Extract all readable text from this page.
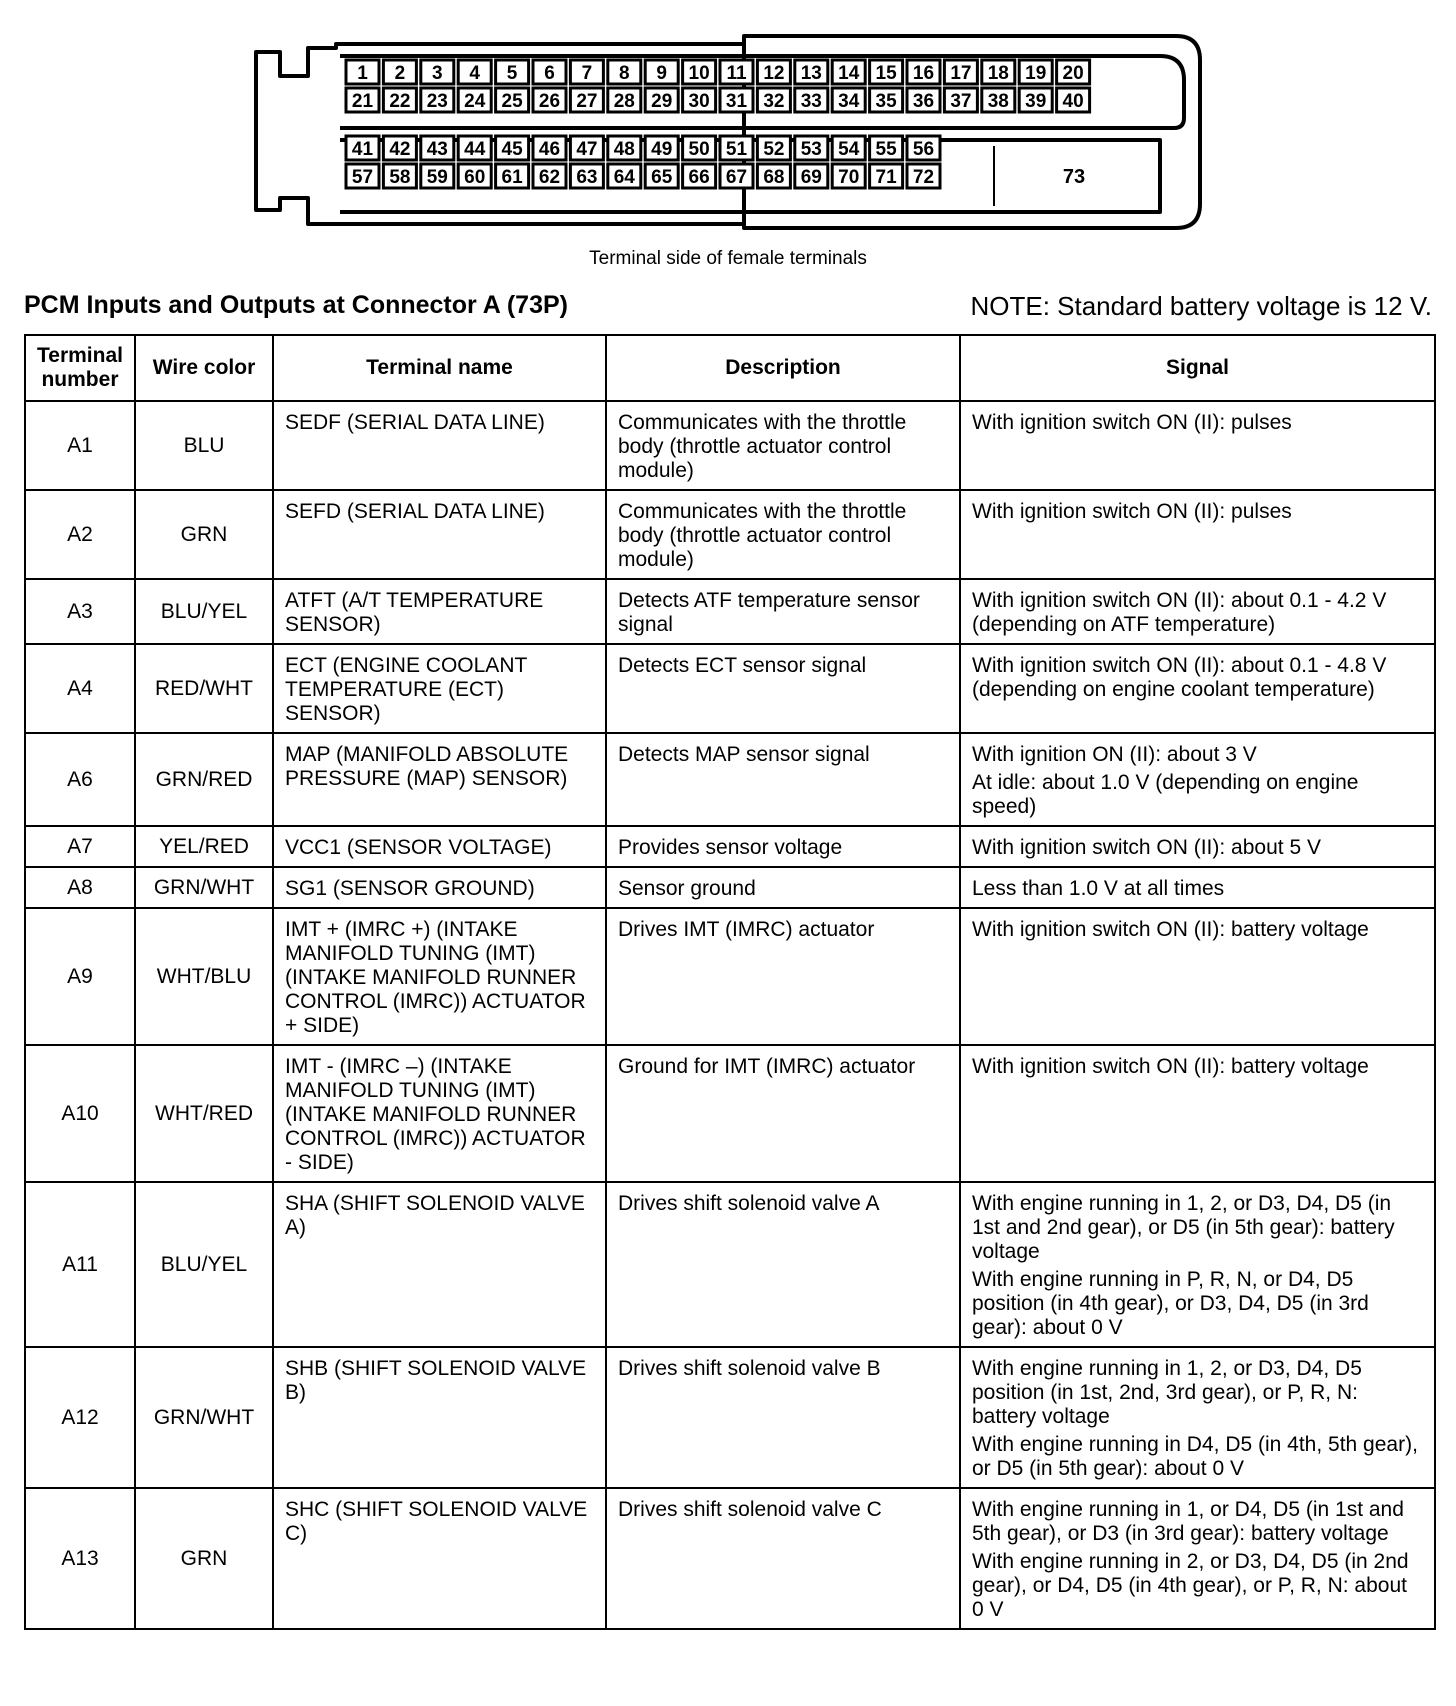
1 2 3 4 5 6 7 8 9 10 11 12 13 14 15 16 17 18 19 20
21 22 23 24 25 26 27 28 29 30 31 32 33 34 35 36 37 38 39 40
41 42 43 44 45 46 47 48 49 50 51 52 53 54 55 56
57 58 59 60 61 62 63 64 65 66 67 68 69 70 71 72	73
Terminal side of female terminals
PCM Inputs and Outputs at Connector A (73P)	NOTE: Standard battery voltage is 12 V.
Terminal number	Wire color	Terminal name	Description	Signal
A1	BLU	SEDF (SERIAL DATA LINE)	Communicates with the throttle body (throttle actuator control module)	With ignition switch ON (II): pulses

A2	GRN	SEFD (SERIAL DATA LINE)	Communicates with the throttle body (throttle actuator control module)	With ignition switch ON (II): pulses

A3	BLU/YEL	ATFT (A/T TEMPERATURE SENSOR)	Detects ATF temperature sensor signal	With ignition switch ON (II): about 0.1 - 4.2 V (depending on ATF temperature)

A4	RED/WHT	ECT (ENGINE COOLANT TEMPERATURE (ECT) SENSOR)	Detects ECT sensor signal	With ignition switch ON (II): about 0.1 - 4.8 V (depending on engine coolant temperature)

A6	GRN/RED	MAP (MANIFOLD ABSOLUTE PRESSURE (MAP) SENSOR)	Detects MAP sensor signal	With ignition ON (II): about 3 V
At idle: about 1.0 V (depending on engine speed)

A7	YEL/RED	VCC1 (SENSOR VOLTAGE)	Provides sensor voltage	With ignition switch ON (II): about 5 V

A8	GRN/WHT	SG1 (SENSOR GROUND)	Sensor ground	Less than 1.0 V at all times

A9	WHT/BLU	IMT + (IMRC +) (INTAKE MANIFOLD TUNING (IMT) (INTAKE MANIFOLD RUNNER CONTROL (IMRC)) ACTUATOR + SIDE)	Drives IMT (IMRC) actuator	With ignition switch ON (II): battery voltage

A10	WHT/RED	IMT - (IMRC –) (INTAKE MANIFOLD TUNING (IMT) (INTAKE MANIFOLD RUNNER CONTROL (IMRC)) ACTUATOR - SIDE)	Ground for IMT (IMRC) actuator	With ignition switch ON (II): battery voltage

A11	BLU/YEL	SHA (SHIFT SOLENOID VALVE A)	Drives shift solenoid valve A	With engine running in 1, 2, or D3, D4, D5 (in 1st and 2nd gear), or D5 (in 5th gear): battery voltage
With engine running in P, R, N, or D4, D5 position (in 4th gear), or D3, D4, D5 (in 3rd gear): about 0 V

A12	GRN/WHT	SHB (SHIFT SOLENOID VALVE B)	Drives shift solenoid valve B	With engine running in 1, 2, or D3, D4, D5 position (in 1st, 2nd, 3rd gear), or P, R, N: battery voltage
With engine running in D4, D5 (in 4th, 5th gear), or D5 (in 5th gear): about 0 V

A13	GRN	SHC (SHIFT SOLENOID VALVE C)	Drives shift solenoid valve C	With engine running in 1, or D4, D5 (in 1st and 5th gear), or D3 (in 3rd gear): battery voltage
With engine running in 2, or D3, D4, D5 (in 2nd gear), or D4, D5 (in 4th gear), or P, R, N: about 0 V
